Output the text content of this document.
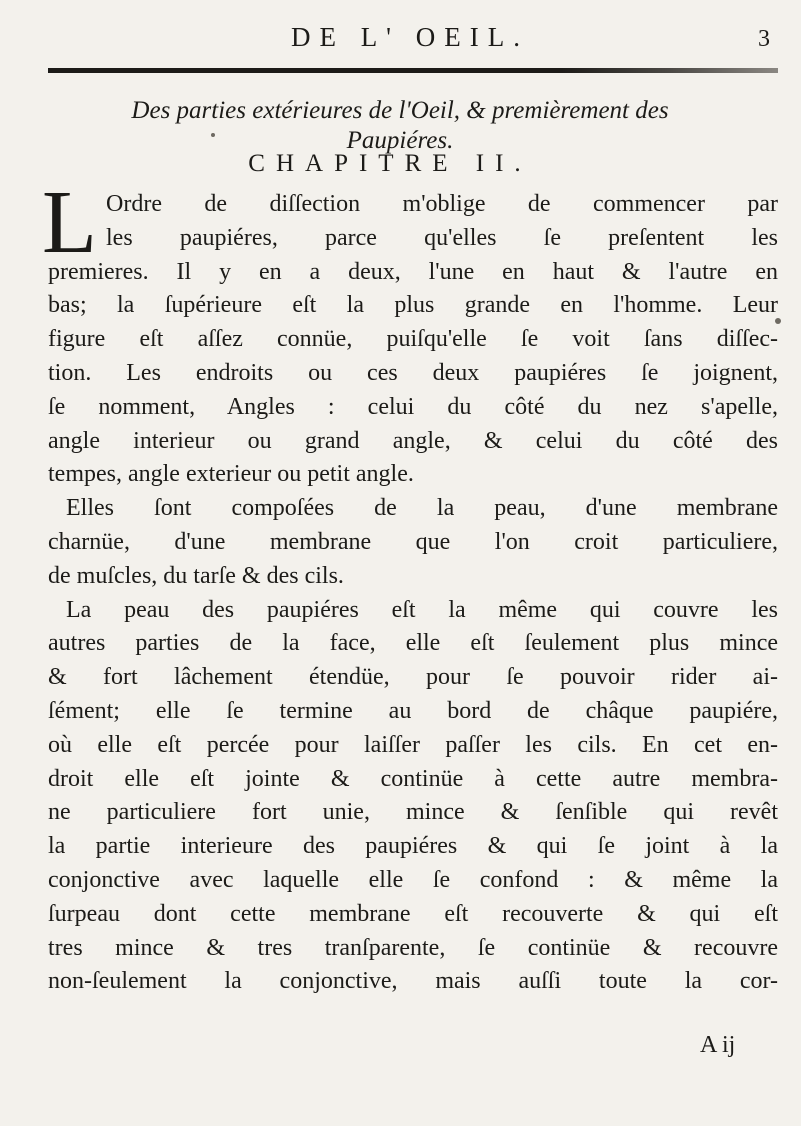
DE L' OEIL.	3
Des parties extérieures de l'Oeil, & premièrement des
Paupiéres.
CHAPITRE II.
L Ordre de diſſection m'oblige de commencer par
les paupiéres, parce qu'elles ſe preſentent les
premieres. Il y en a deux, l'une en haut & l'autre en
bas; la ſupérieure eſt la plus grande en l'homme. Leur
figure eſt aſſez connüe, puiſqu'elle ſe voit ſans diſſec-
tion. Les endroits ou ces deux paupiéres ſe joignent,
ſe nomment, Angles : celui du côté du nez s'apelle,
angle interieur ou grand angle, & celui du côté des
tempes, angle exterieur ou petit angle.
Elles ſont compoſées de la peau, d'une membrane
charnüe, d'une membrane que l'on croit particuliere,
de muſcles, du tarſe & des cils.
La peau des paupiéres eſt la même qui couvre les
autres parties de la face, elle eſt ſeulement plus mince
& fort lâchement étendüe, pour ſe pouvoir rider ai-
ſément; elle ſe termine au bord de châque paupiére,
où elle eſt percée pour laiſſer paſſer les cils. En cet en-
droit elle eſt jointe & continüe à cette autre membra-
ne particuliere fort unie, mince & ſenſible qui revêt
la partie interieure des paupiéres & qui ſe joint à la
conjonctive avec laquelle elle ſe confond : & même la
ſurpeau dont cette membrane eſt recouverte & qui eſt
tres mince & tres tranſparente, ſe continüe & recouvre
non-ſeulement la conjonctive, mais auſſi toute la cor-
A ij
